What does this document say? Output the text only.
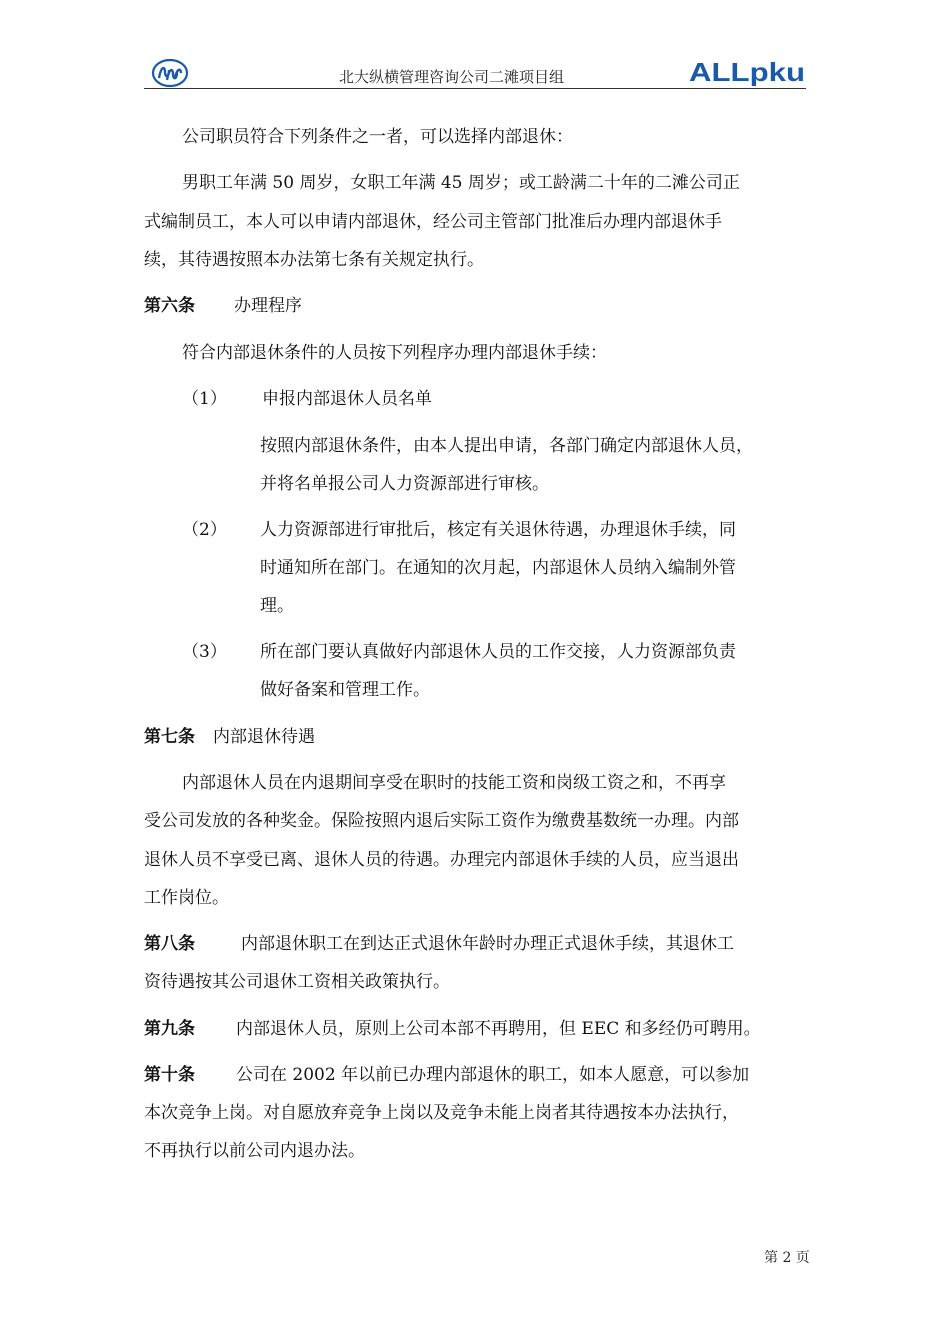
北大纵横管理咨询公司二滩项目组	ALLpku
公司职员符合下列条件之一者，可以选择内部退休：
男职工年满 50 周岁，女职工年满 45 周岁；或工龄满二十年的二滩公司正
式编制员工，本人可以申请内部退休，经公司主管部门批准后办理内部退休手
续，其待遇按照本办法第七条有关规定执行。
第六条 办理程序
符合内部退休条件的人员按下列程序办理内部退休手续：
（1） 申报内部退休人员名单
按照内部退休条件，由本人提出申请，各部门确定内部退休人员，
并将名单报公司人力资源部进行审核。
（2） 人力资源部进行审批后，核定有关退休待遇，办理退休手续，同
时通知所在部门。在通知的次月起，内部退休人员纳入编制外管
理。
（3） 所在部门要认真做好内部退休人员的工作交接，人力资源部负责
做好备案和管理工作。
第七条 内部退休待遇
内部退休人员在内退期间享受在职时的技能工资和岗级工资之和，不再享
受公司发放的各种奖金。保险按照内退后实际工资作为缴费基数统一办理。内部
退休人员不享受已离、退休人员的待遇。办理完内部退休手续的人员，应当退出
工作岗位。
第八条	内部退休职工在到达正式退休年龄时办理正式退休手续，其退休工
资待遇按其公司退休工资相关政策执行。
第九条 内部退休人员，原则上公司本部不再聘用，但 EEC 和多经仍可聘用。
第十条 公司在 2002 年以前已办理内部退休的职工，如本人愿意，可以参加
本次竞争上岗。对自愿放弃竞争上岗以及竞争未能上岗者其待遇按本办法执行，
不再执行以前公司内退办法。
第 2 页
